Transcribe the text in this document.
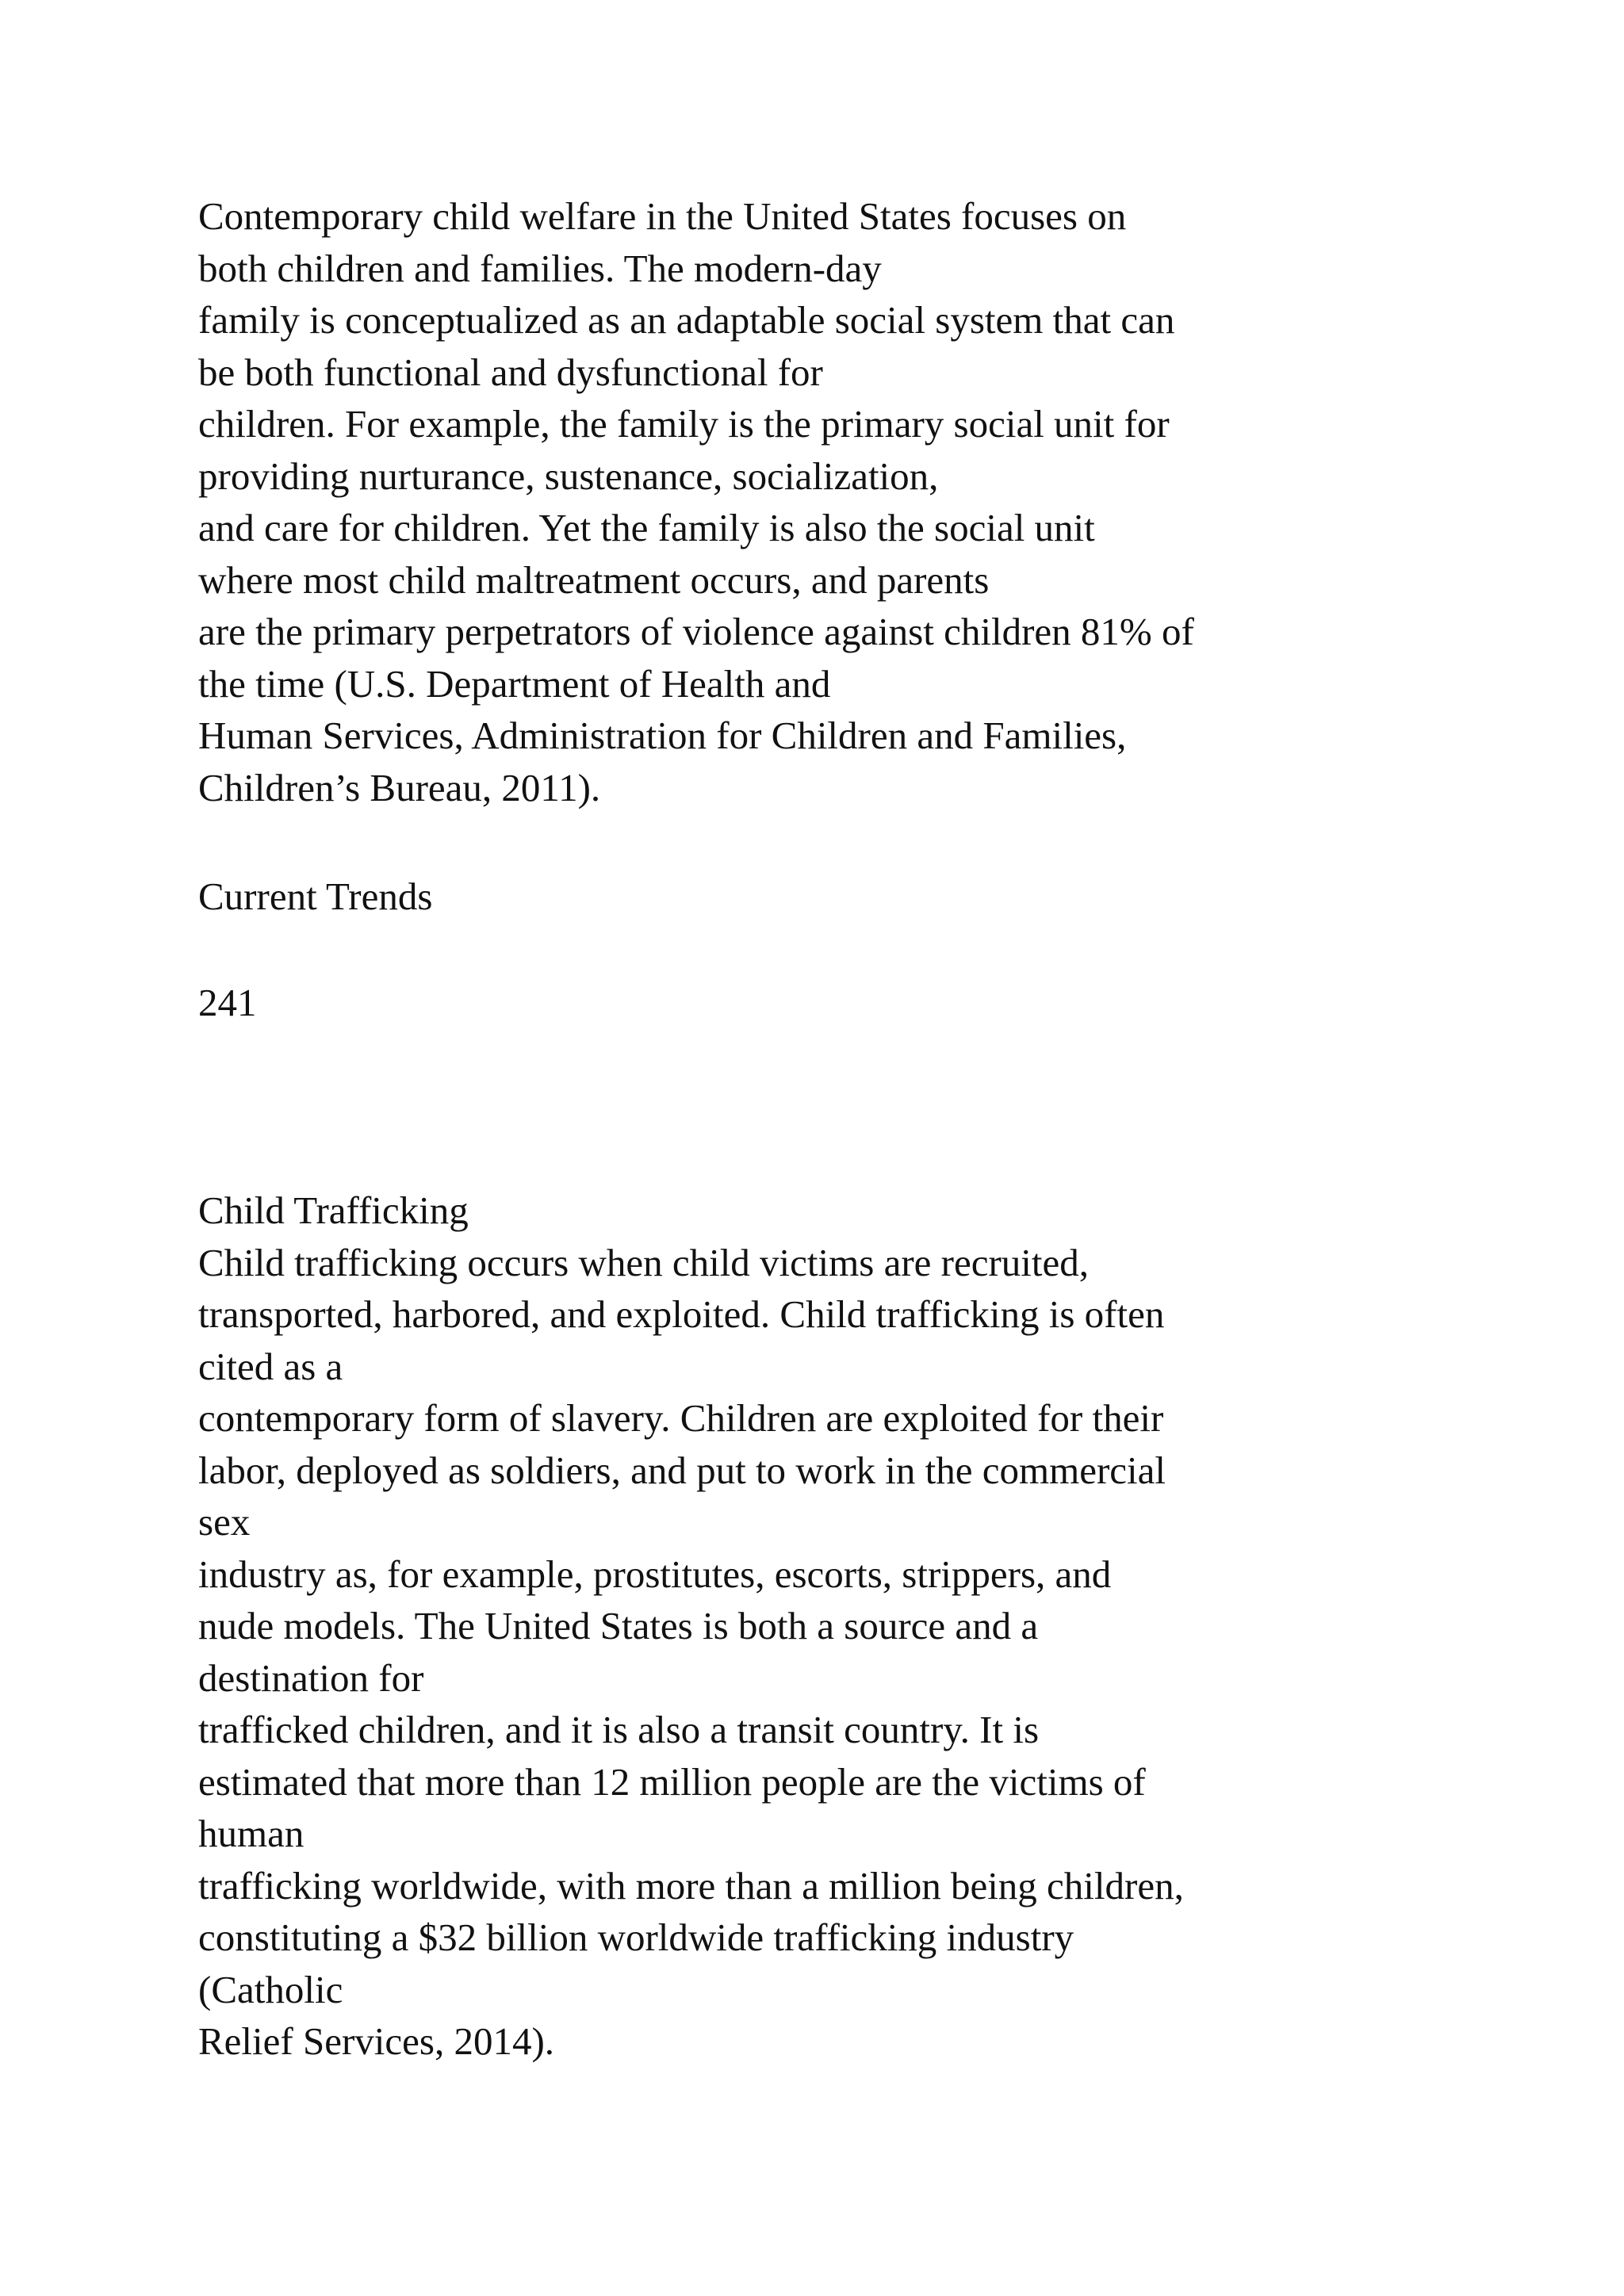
Contemporary child welfare in the United States focuses on
both children and families. The modern-day
family is conceptualized as an adaptable social system that can
be both functional and dysfunctional for
children. For example, the family is the primary social unit for
providing nurturance, sustenance, socialization,
and care for children. Yet the family is also the social unit
where most child maltreatment occurs, and parents
are the primary perpetrators of violence against children 81% of
the time (U.S. Department of Health and
Human Services, Administration for Children and Families,
Children’s Bureau, 2011).
Current Trends
241
Child Trafficking
Child trafficking occurs when child victims are recruited,
transported, harbored, and exploited. Child trafficking is often
cited as a
contemporary form of slavery. Children are exploited for their
labor, deployed as soldiers, and put to work in the commercial
sex
industry as, for example, prostitutes, escorts, strippers, and
nude models. The United States is both a source and a
destination for
trafficked children, and it is also a transit country. It is
estimated that more than 12 million people are the victims of
human
trafficking worldwide, with more than a million being children,
constituting a $32 billion worldwide trafficking industry
(Catholic
Relief Services, 2014).
